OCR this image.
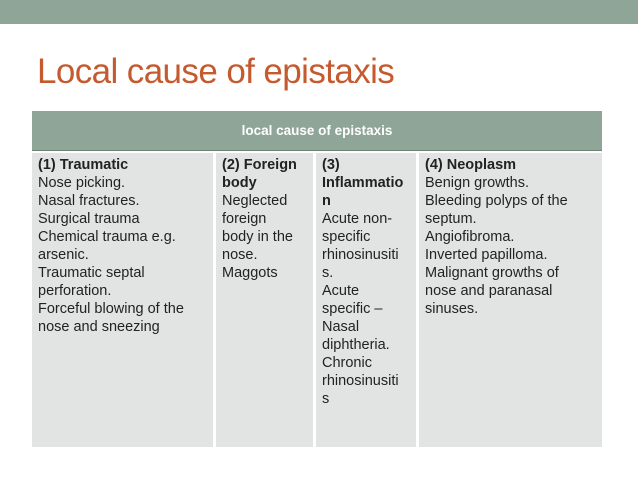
Local cause of epistaxis
local cause of epistaxis
(1) Traumatic
Nose picking.
Nasal fractures.
Surgical trauma
Chemical trauma e.g.
arsenic.
Traumatic septal
perforation.
Forceful blowing of the
nose and sneezing
(2) Foreign
body
Neglected
foreign
body in the
nose.
Maggots
(3)
Inflammatio
n
Acute non-
specific
rhinosinusiti
s.
Acute
specific –
Nasal
diphtheria.
Chronic
rhinosinusiti
s
(4) Neoplasm
Benign growths.
Bleeding polyps of the
septum.
Angiofibroma.
Inverted papilloma.
Malignant growths of
nose and paranasal
sinuses.
